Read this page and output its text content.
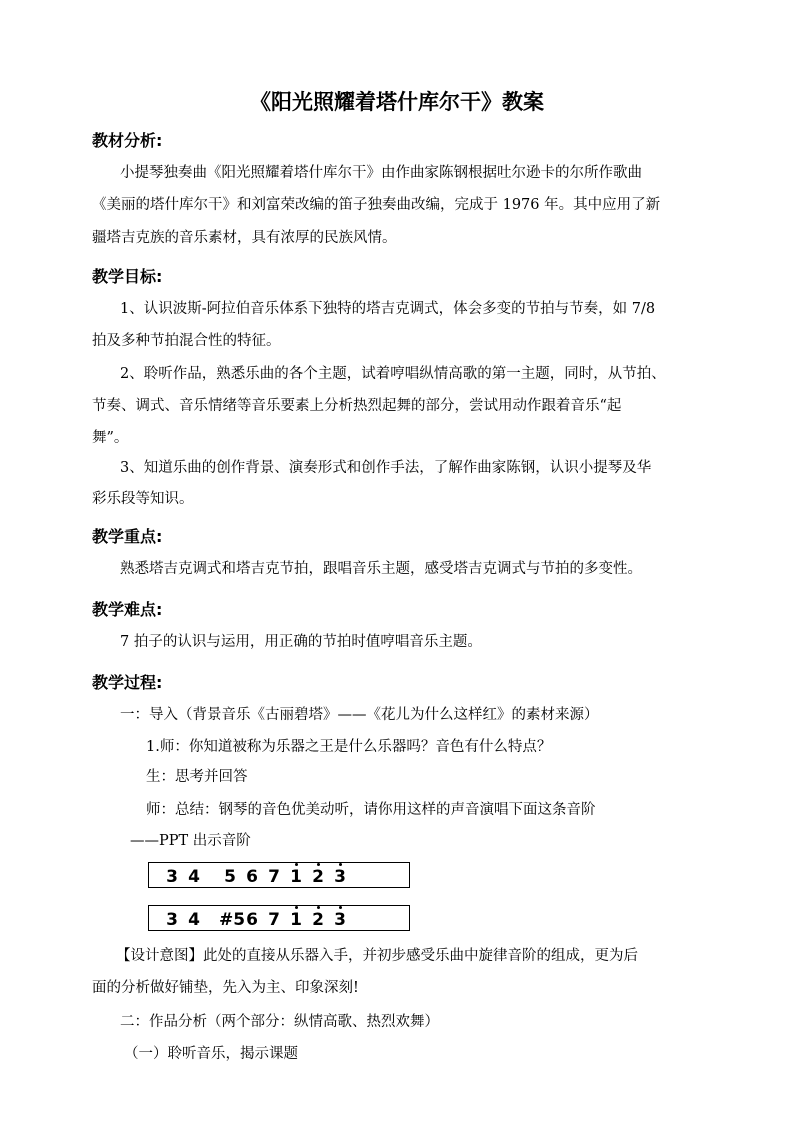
《阳光照耀着塔什库尔干》教案
教材分析:
小提琴独奏曲《阳光照耀着塔什库尔干》由作曲家陈钢根据吐尔逊卡的尔所作歌曲
《美丽的塔什库尔干》和刘富荣改编的笛子独奏曲改编，完成于 1976 年。其中应用了新
疆塔吉克族的音乐素材，具有浓厚的民族风情。
教学目标:
1、认识波斯-阿拉伯音乐体系下独特的塔吉克调式，体会多变的节拍与节奏，如 7/8
拍及多种节拍混合性的特征。
2、聆听作品，熟悉乐曲的各个主题，试着哼唱纵情高歌的第一主题，同时，从节拍、
节奏、调式、音乐情绪等音乐要素上分析热烈起舞的部分，尝试用动作跟着音乐“起
舞”。
3、知道乐曲的创作背景、演奏形式和创作手法，了解作曲家陈钢，认识小提琴及华
彩乐段等知识。
教学重点:
熟悉塔吉克调式和塔吉克节拍，跟唱音乐主题，感受塔吉克调式与节拍的多变性。
教学难点:
7 拍子的认识与运用，用正确的节拍时值哼唱音乐主题。
教学过程:
一：导入（背景音乐《古丽碧塔》——《花儿为什么这样红》的素材来源）
1.师：你知道被称为乐器之王是什么乐器吗？音色有什么特点？
生：思考并回答
师：总结：钢琴的音色优美动听，请你用这样的声音演唱下面这条音阶
——PPT 出示音阶
3 4 5 6 7 1 2 3
3 4 #56 7 1 2 3
【设计意图】此处的直接从乐器入手，并初步感受乐曲中旋律音阶的组成，更为后
面的分析做好铺垫，先入为主、印象深刻!
二：作品分析（两个部分：纵情高歌、热烈欢舞）
（一）聆听音乐，揭示课题
